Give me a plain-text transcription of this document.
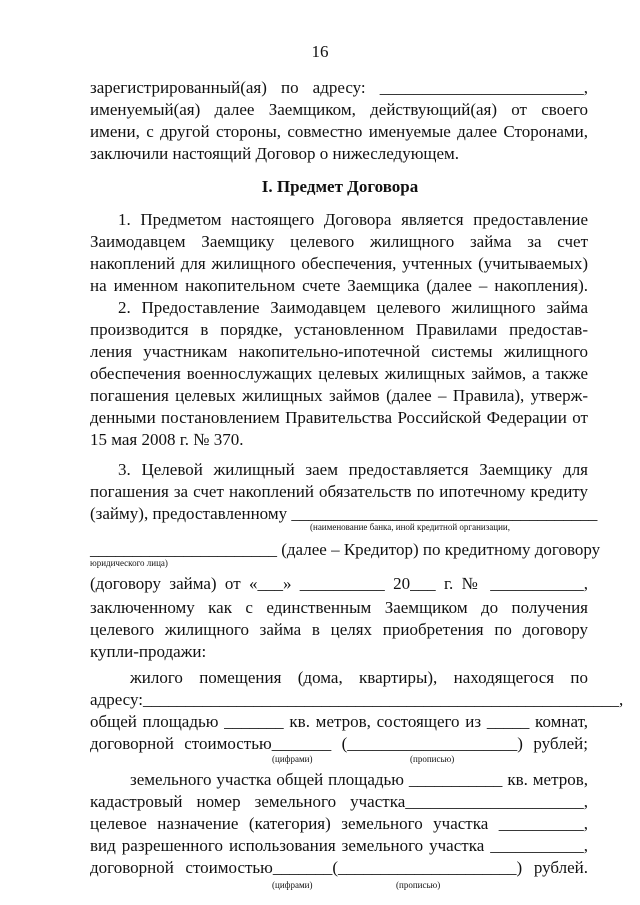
16
зарегистрированный(ая) по адресу: ________________________,
именуемый(ая) далее Заемщиком, действующий(ая) от своего
имени, с другой стороны, совместно именуемые далее Сторонами,
заключили настоящий Договор о нижеследующем.
I. Предмет Договора
1. Предметом настоящего Договора является предоставление
Заимодавцем Заемщику целевого жилищного займа за счет
накоплений для жилищного обеспечения, учтенных (учитываемых)
на именном накопительном счете Заемщика (далее – накопления).
2. Предоставление Заимодавцем целевого жилищного займа
производится в порядке, установленном Правилами предостав-
ления участникам накопительно-ипотечной системы жилищного
обеспечения военнослужащих целевых жилищных займов, а также
погашения целевых жилищных займов (далее – Правила), утверж-
денными постановлением Правительства Российской Федерации от
15 мая 2008 г. № 370.
3. Целевой жилищный заем предоставляется Заемщику для
погашения за счет накоплений обязательств по ипотечному кредиту
(займу), предоставленному ____________________________________
(наименование банка, иной кредитной организации,
______________________ (далее – Кредитор) по кредитному договору
юридического лица)
(договору займа) от «___» __________ 20___ г. № ___________,
заключенному как с единственным Заемщиком до получения
целевого жилищного займа в целях приобретения по договору
купли-продажи:
жилого помещения (дома, квартиры), находящегося по
адресу:________________________________________________________,
общей площадью _______ кв. метров, состоящего из _____ комнат,
договорной стоимостью_______ (____________________) рублей;
(цифрами)	(прописью)
земельного участка общей площадью ___________ кв. метров,
кадастровый номер земельного участка_____________________,
целевое назначение (категория) земельного участка __________,
вид разрешенного использования земельного участка ___________,
договорной стоимостью_______(_____________________) рублей.
(цифрами)	(прописью)
